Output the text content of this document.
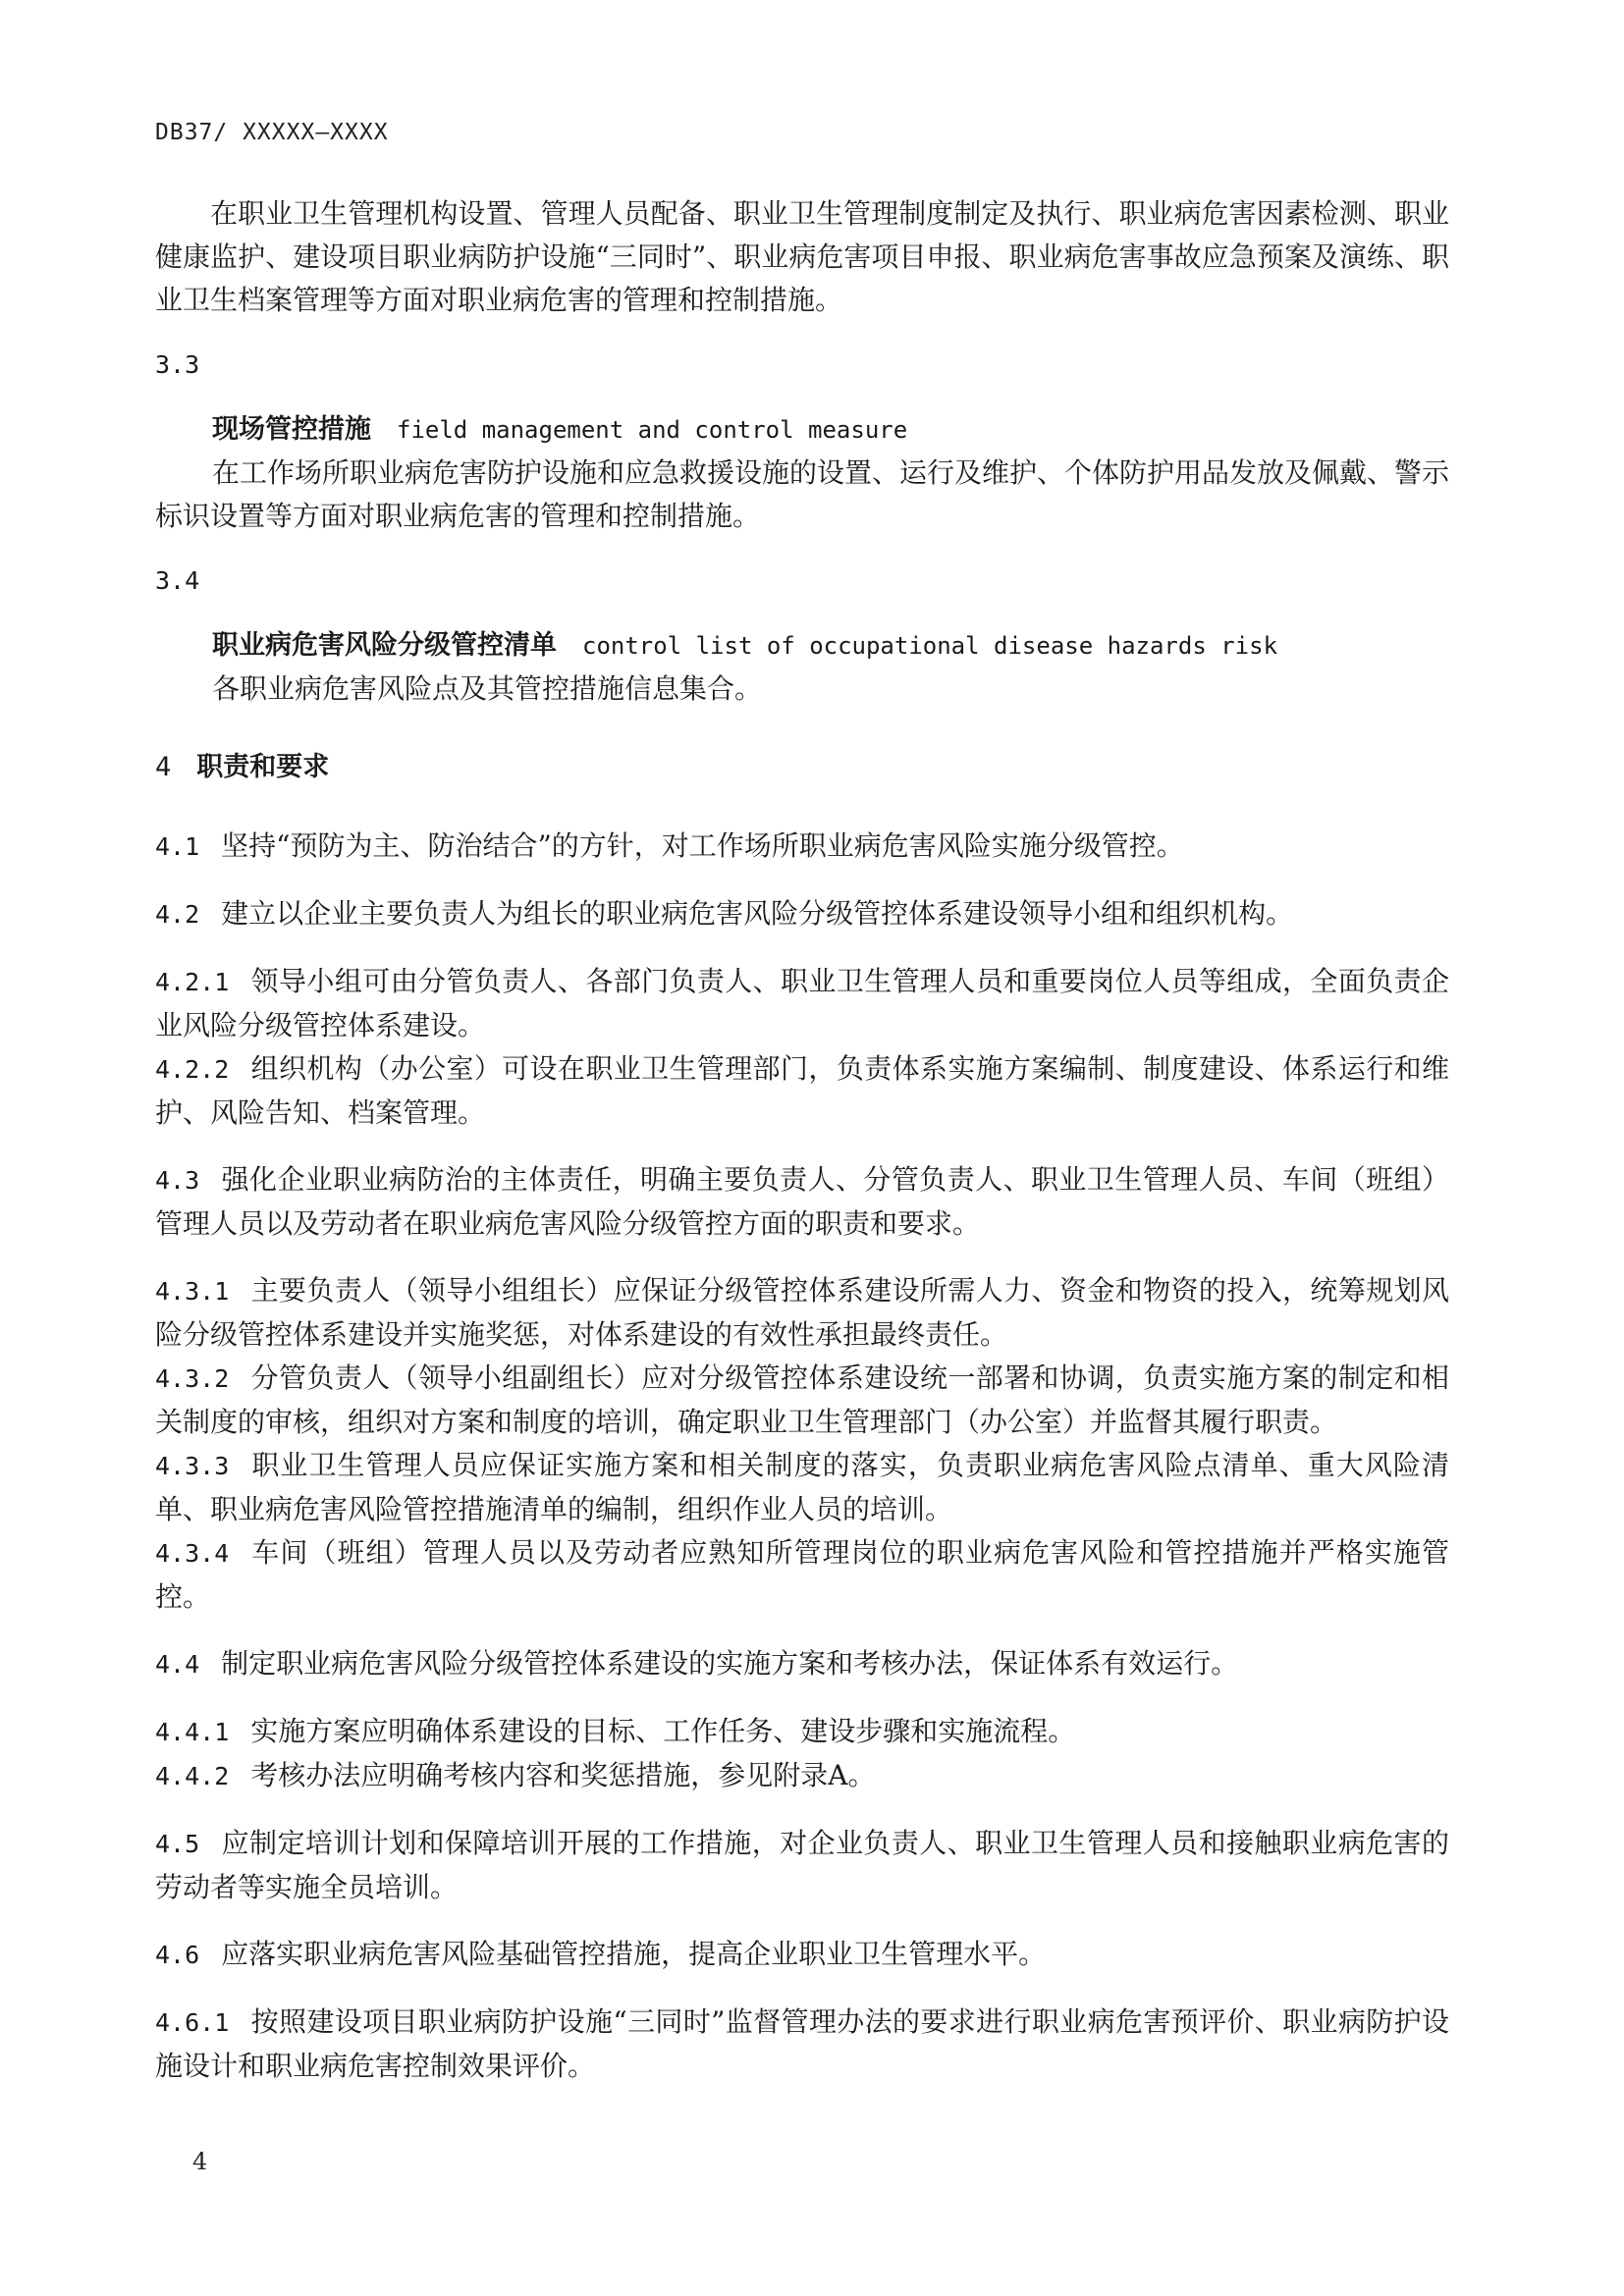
DB37/ XXXXX—XXXX

在职业卫生管理机构设置、管理人员配备、职业卫生管理制度制定及执行、职业病危害因素检测、职业健康监护、建设项目职业病防护设施“三同时”、职业病危害项目申报、职业病危害事故应急预案及演练、职业卫生档案管理等方面对职业病危害的管理和控制措施。

3.3

现场管控措施 field management and control measure

在工作场所职业病危害防护设施和应急救援设施的设置、运行及维护、个体防护用品发放及佩戴、警示标识设置等方面对职业病危害的管理和控制措施。

3.4

职业病危害风险分级管控清单 control list of occupational disease hazards risk

各职业病危害风险点及其管控措施信息集合。

4 职责和要求

4.1 坚持“预防为主、防治结合”的方针，对工作场所职业病危害风险实施分级管控。

4.2 建立以企业主要负责人为组长的职业病危害风险分级管控体系建设领导小组和组织机构。

4.2.1 领导小组可由分管负责人、各部门负责人、职业卫生管理人员和重要岗位人员等组成，全面负责企业风险分级管控体系建设。

4.2.2 组织机构（办公室）可设在职业卫生管理部门，负责体系实施方案编制、制度建设、体系运行和维护、风险告知、档案管理。

4.3 强化企业职业病防治的主体责任，明确主要负责人、分管负责人、职业卫生管理人员、车间（班组）管理人员以及劳动者在职业病危害风险分级管控方面的职责和要求。

4.3.1 主要负责人（领导小组组长）应保证分级管控体系建设所需人力、资金和物资的投入，统筹规划风险分级管控体系建设并实施奖惩，对体系建设的有效性承担最终责任。

4.3.2 分管负责人（领导小组副组长）应对分级管控体系建设统一部署和协调，负责实施方案的制定和相关制度的审核，组织对方案和制度的培训，确定职业卫生管理部门（办公室）并监督其履行职责。

4.3.3 职业卫生管理人员应保证实施方案和相关制度的落实，负责职业病危害风险点清单、重大风险清单、职业病危害风险管控措施清单的编制，组织作业人员的培训。

4.3.4 车间（班组）管理人员以及劳动者应熟知所管理岗位的职业病危害风险和管控措施并严格实施管控。

4.4 制定职业病危害风险分级管控体系建设的实施方案和考核办法，保证体系有效运行。

4.4.1 实施方案应明确体系建设的目标、工作任务、建设步骤和实施流程。

4.4.2 考核办法应明确考核内容和奖惩措施，参见附录A。

4.5 应制定培训计划和保障培训开展的工作措施，对企业负责人、职业卫生管理人员和接触职业病危害的劳动者等实施全员培训。

4.6 应落实职业病危害风险基础管控措施，提高企业职业卫生管理水平。

4.6.1 按照建设项目职业病防护设施“三同时”监督管理办法的要求进行职业病危害预评价、职业病防护设施设计和职业病危害控制效果评价。

4
